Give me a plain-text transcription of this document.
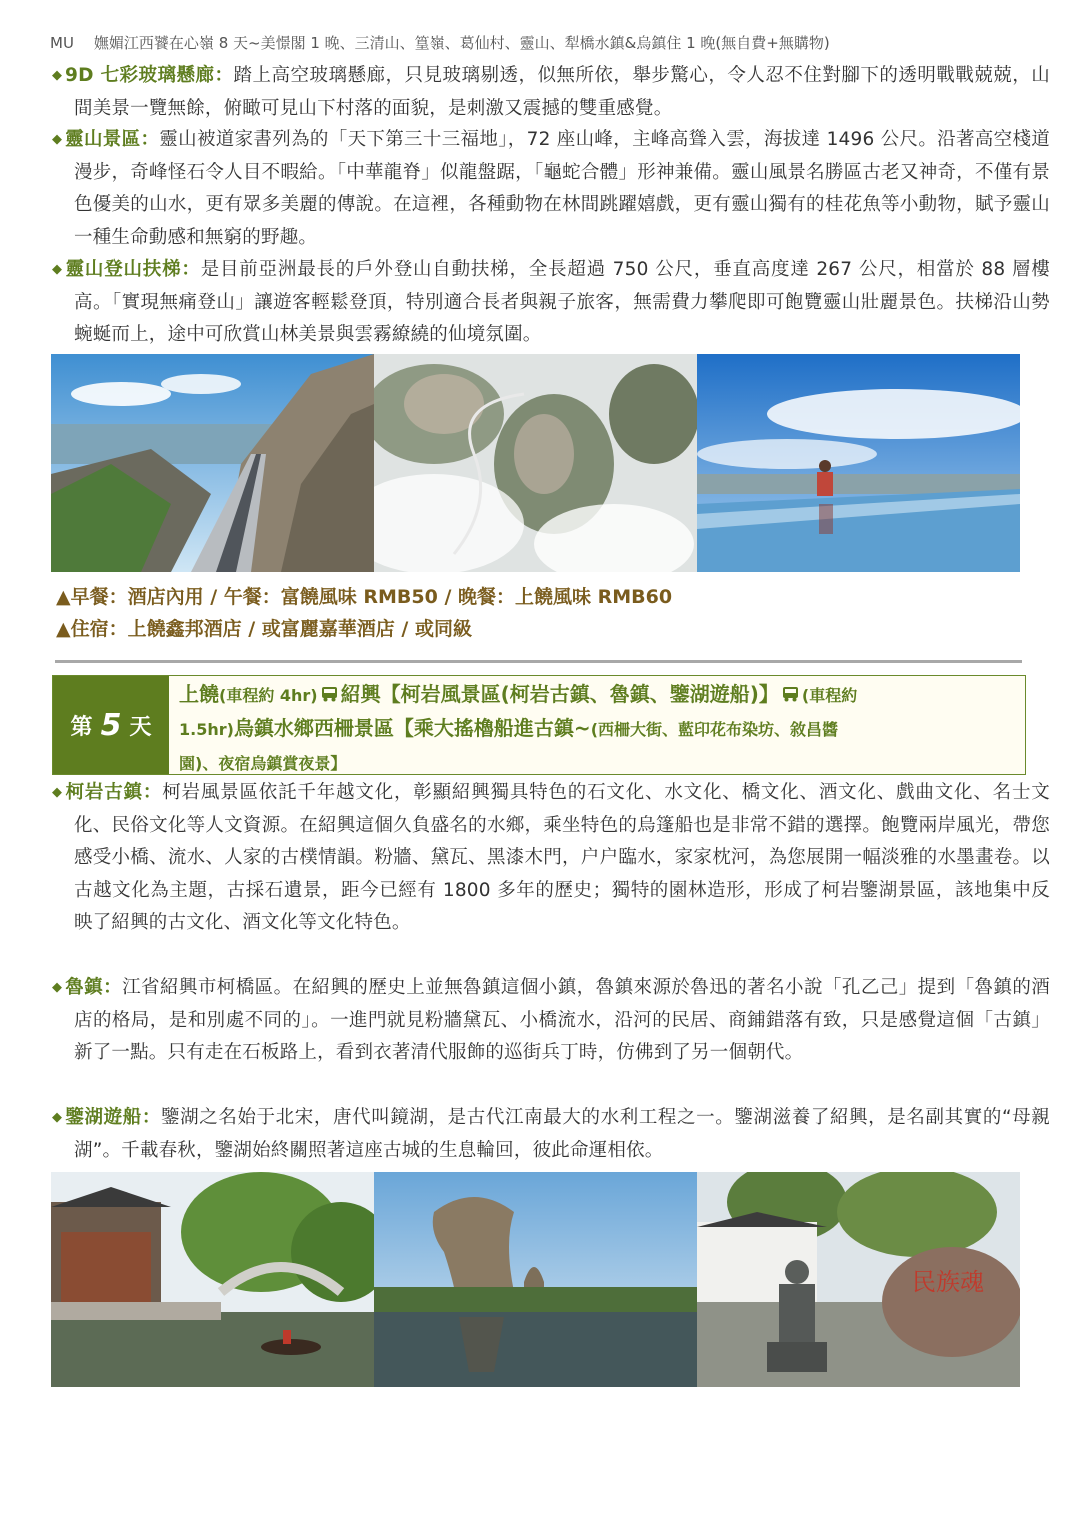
MU 嫵媚江西饕在心嶺 8 天~美憬閣 1 晚、三清山、篁嶺、葛仙村、靈山、犁橋水鎮&烏鎮住 1 晚(無自費+無購物)
◆ 9D 七彩玻璃懸廊：踏上高空玻璃懸廊，只見玻璃剔透，似無所依，舉步驚心，令人忍不住對腳下的透明戰戰兢兢，山間美景一覽無餘，俯瞰可見山下村落的面貌，是刺激又震撼的雙重感覺。
◆ 靈山景區：靈山被道家書列為的「天下第三十三福地」，72 座山峰，主峰高聳入雲，海拔達 1496 公尺。沿著高空棧道漫步，奇峰怪石令人目不暇給。「中華龍脊」似龍盤踞，「龜蛇合體」形神兼備。靈山風景名勝區古老又神奇，不僅有景色優美的山水，更有眾多美麗的傳說。在這裡，各種動物在林間跳躍嬉戲，更有靈山獨有的桂花魚等小動物，賦予靈山一種生命動感和無窮的野趣。
◆ 靈山登山扶梯：是目前亞洲最長的戶外登山自動扶梯，全長超過 750 公尺，垂直高度達 267 公尺，相當於 88 層樓高。「實現無痛登山」讓遊客輕鬆登頂，特別適合長者與親子旅客，無需費力攀爬即可飽覽靈山壯麗景色。扶梯沿山勢蜿蜒而上，途中可欣賞山林美景與雲霧繚繞的仙境氛圍。
▲早餐：酒店內用 / 午餐：富饒風味 RMB50 / 晚餐：上饒風味 RMB60
▲住宿：上饒鑫邦酒店 / 或富麗嘉華酒店 / 或同級
第 5 天
上饒(車程約 4hr) 紹興【柯岩風景區(柯岩古鎮、魯鎮、鑒湖遊船)】 (車程約
1.5hr)烏鎮水鄉西柵景區【乘大搖櫓船進古鎮~(西柵大街、藍印花布染坊、敘昌醬
園)、夜宿烏鎮賞夜景】
◆ 柯岩古鎮：柯岩風景區依託千年越文化，彰顯紹興獨具特色的石文化、水文化、橋文化、酒文化、戲曲文化、名士文化、民俗文化等人文資源。在紹興這個久負盛名的水鄉，乘坐特色的烏篷船也是非常不錯的選擇。飽覽兩岸風光，帶您感受小橋、流水、人家的古樸情韻。粉牆、黛瓦、黑漆木門，户户臨水，家家枕河，為您展開一幅淡雅的水墨畫卷。以古越文化為主題，古採石遺景，距今已經有 1800 多年的歷史；獨特的園林造形，形成了柯岩鑒湖景區，該地集中反映了紹興的古文化、酒文化等文化特色。
◆ 魯鎮：江省紹興市柯橋區。在紹興的歷史上並無魯鎮這個小鎮，魯鎮來源於魯迅的著名小說「孔乙己」提到「魯鎮的酒店的格局，是和別處不同的」。一進門就見粉牆黛瓦、小橋流水，沿河的民居、商鋪錯落有致，只是感覺這個「古鎮」新了一點。只有走在石板路上，看到衣著清代服飾的巡街兵丁時，仿佛到了另一個朝代。
◆ 鑒湖遊船：鑒湖之名始于北宋，唐代叫鏡湖，是古代江南最大的水利工程之一。鑒湖滋養了紹興，是名副其實的“母親湖”。千載春秋，鑒湖始終關照著這座古城的生息輪回，彼此命運相依。
民族魂
